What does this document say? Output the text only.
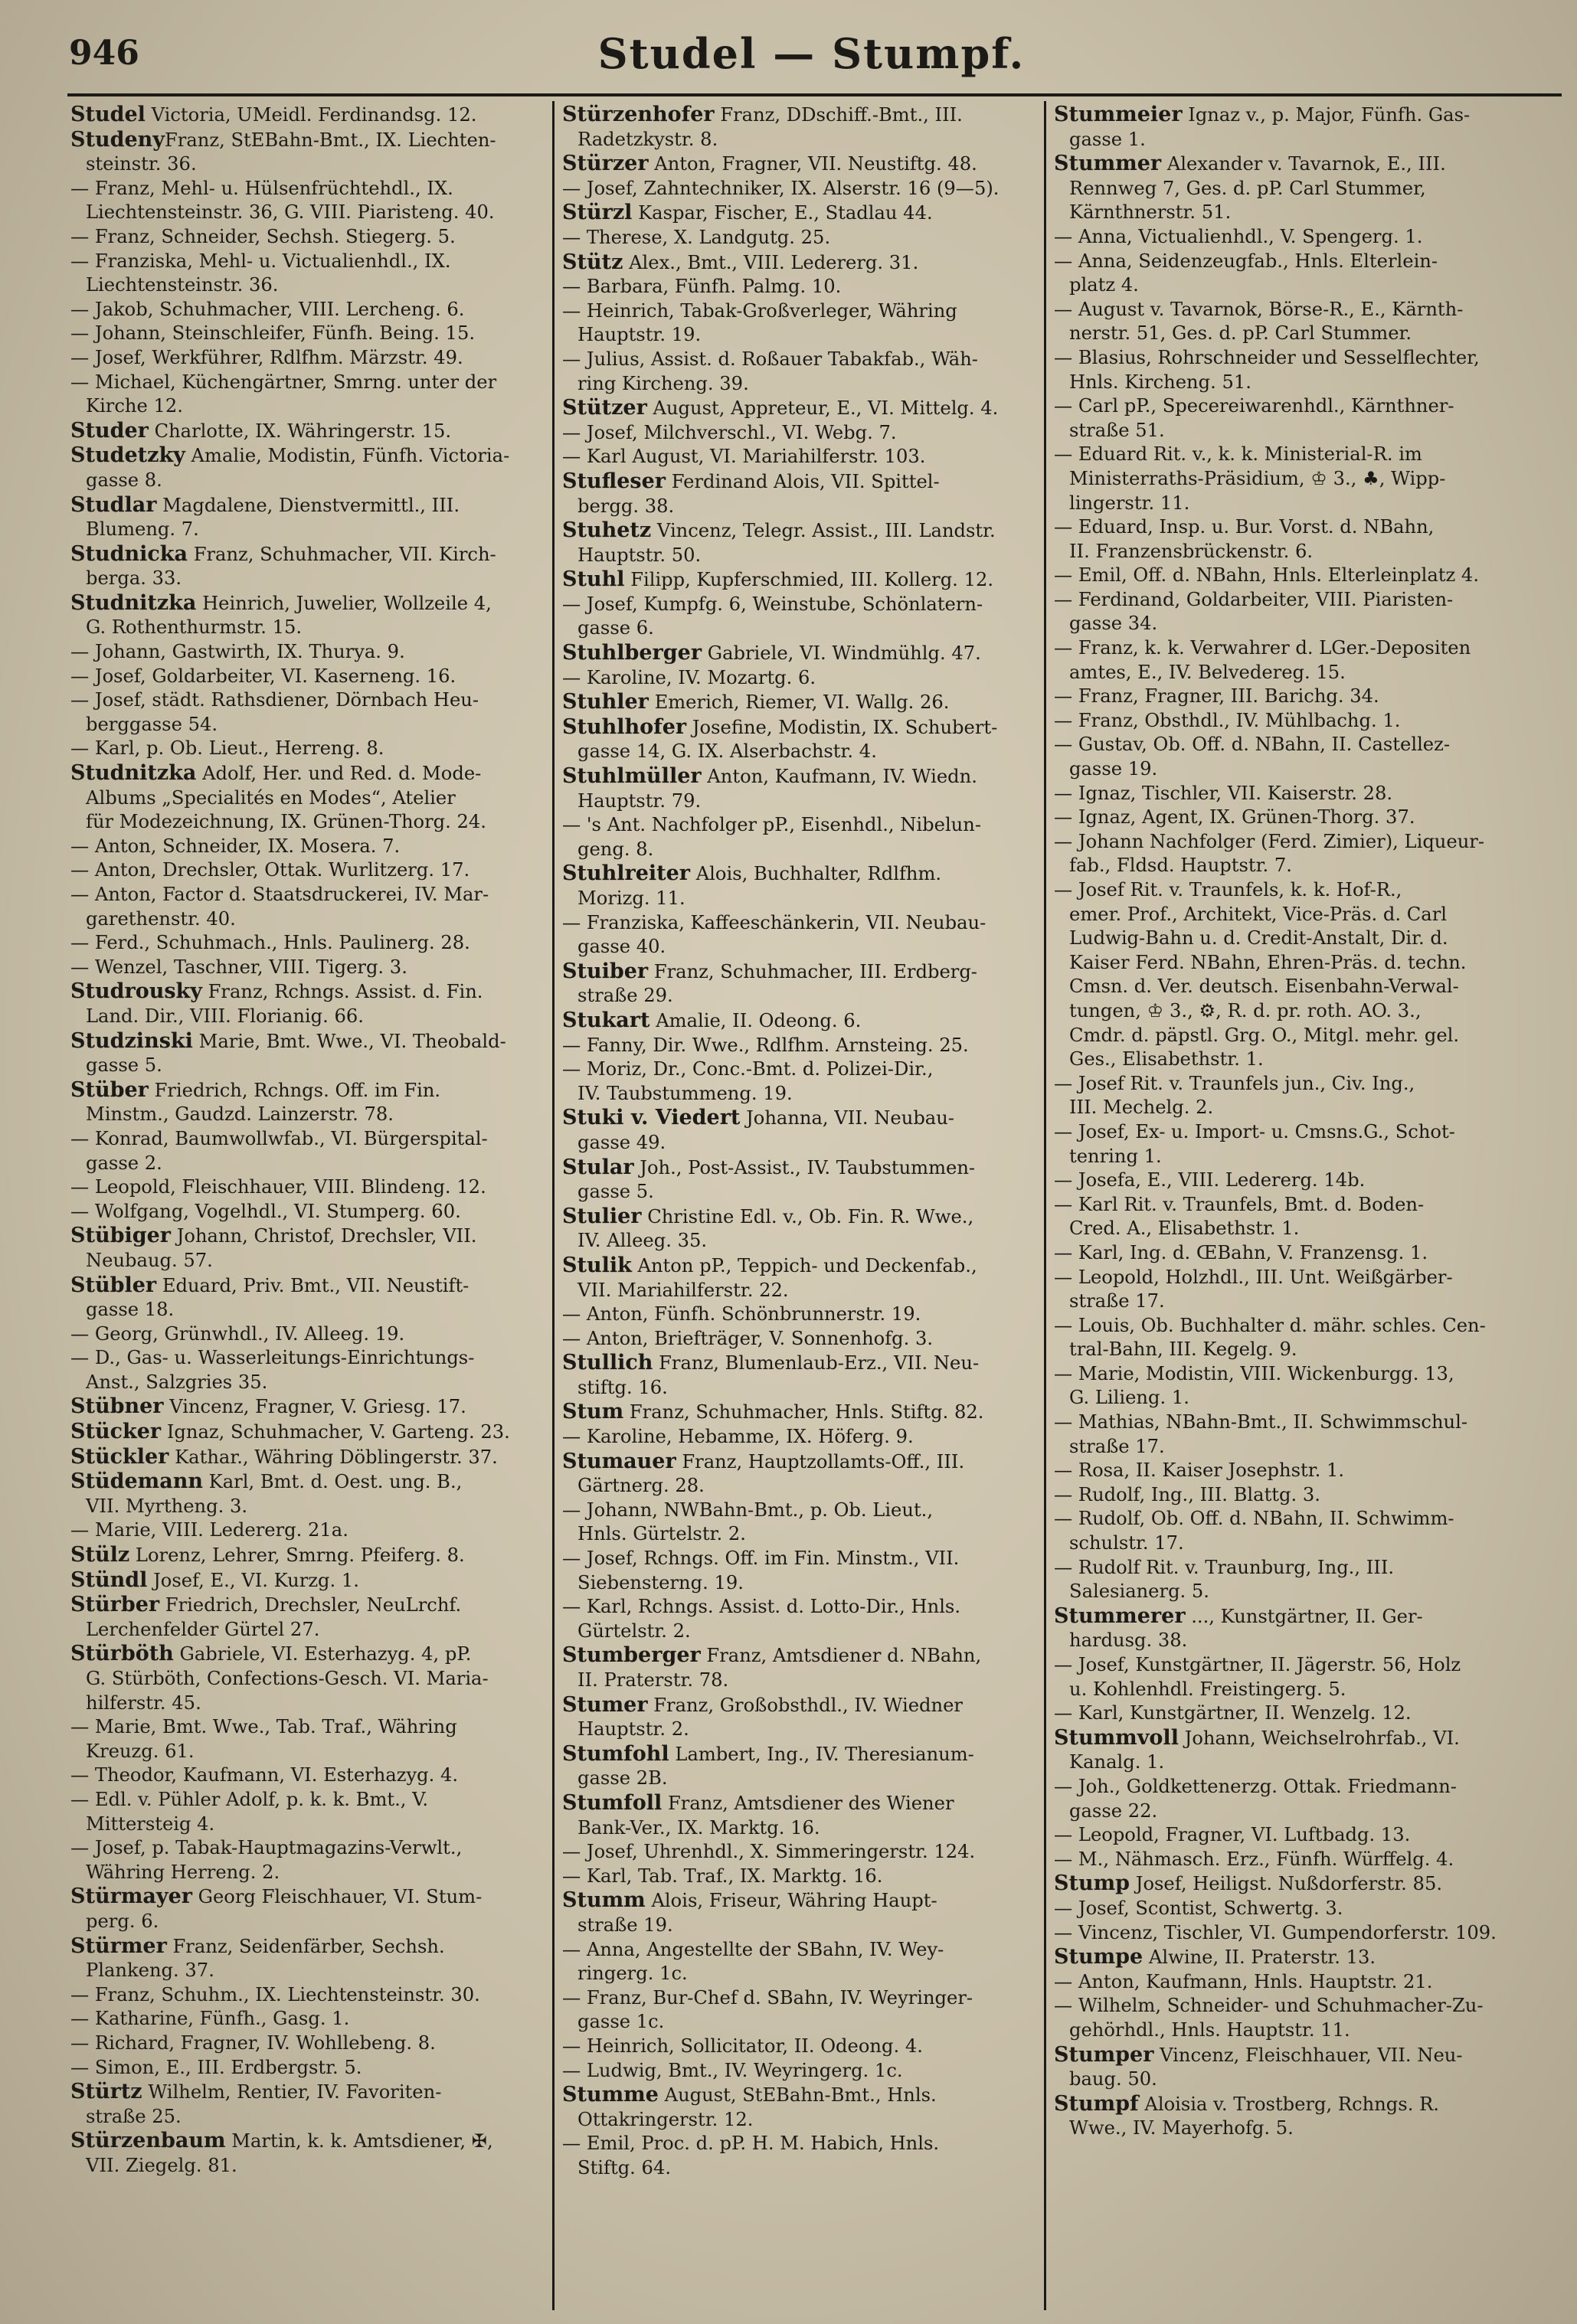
946	Studel — Stumpf.
Studel Victoria, UMeidl. Ferdinandsg. 12.
StudenyFranz, StEBahn-Bmt., IX. Liechten-
steinstr. 36.
— Franz, Mehl- u. Hülsenfrüchtehdl., IX.
Liechtensteinstr. 36, G. VIII. Piaristeng. 40.
— Franz, Schneider, Sechsh. Stiegerg. 5.
— Franziska, Mehl- u. Victualienhdl., IX.
Liechtensteinstr. 36.
— Jakob, Schuhmacher, VIII. Lercheng. 6.
— Johann, Steinschleifer, Fünfh. Being. 15.
— Josef, Werkführer, Rdlfhm. Märzstr. 49.
— Michael, Küchengärtner, Smrng. unter der
Kirche 12.
Studer Charlotte, IX. Währingerstr. 15.
Studetzky Amalie, Modistin, Fünfh. Victoria-
gasse 8.
Studlar Magdalene, Dienstvermittl., III.
Blumeng. 7.
Studnicka Franz, Schuhmacher, VII. Kirch-
berga. 33.
Studnitzka Heinrich, Juwelier, Wollzeile 4,
G. Rothenthurmstr. 15.
— Johann, Gastwirth, IX. Thurya. 9.
— Josef, Goldarbeiter, VI. Kaserneng. 16.
— Josef, städt. Rathsdiener, Dörnbach Heu-
berggasse 54.
— Karl, p. Ob. Lieut., Herreng. 8.
Studnitzka Adolf, Her. und Red. d. Mode-
Albums „Specialités en Modes“, Atelier
für Modezeichnung, IX. Grünen-Thorg. 24.
— Anton, Schneider, IX. Mosera. 7.
— Anton, Drechsler, Ottak. Wurlitzerg. 17.
— Anton, Factor d. Staatsdruckerei, IV. Mar-
garethenstr. 40.
— Ferd., Schuhmach., Hnls. Paulinerg. 28.
— Wenzel, Taschner, VIII. Tigerg. 3.
Studrousky Franz, Rchngs. Assist. d. Fin.
Land. Dir., VIII. Florianig. 66.
Studzinski Marie, Bmt. Wwe., VI. Theobald-
gasse 5.
Stüber Friedrich, Rchngs. Off. im Fin.
Minstm., Gaudzd. Lainzerstr. 78.
— Konrad, Baumwollwfab., VI. Bürgerspital-
gasse 2.
— Leopold, Fleischhauer, VIII. Blindeng. 12.
— Wolfgang, Vogelhdl., VI. Stumperg. 60.
Stübiger Johann, Christof, Drechsler, VII.
Neubaug. 57.
Stübler Eduard, Priv. Bmt., VII. Neustift-
gasse 18.
— Georg, Grünwhdl., IV. Alleeg. 19.
— D., Gas- u. Wasserleitungs-Einrichtungs-
Anst., Salzgries 35.
Stübner Vincenz, Fragner, V. Griesg. 17.
Stücker Ignaz, Schuhmacher, V. Garteng. 23.
Stückler Kathar., Währing Döblingerstr. 37.
Stüdemann Karl, Bmt. d. Oest. ung. B.,
VII. Myrtheng. 3.
— Marie, VIII. Ledererg. 21a.
Stülz Lorenz, Lehrer, Smrng. Pfeiferg. 8.
Stündl Josef, E., VI. Kurzg. 1.
Stürber Friedrich, Drechsler, NeuLrchf.
Lerchenfelder Gürtel 27.
Stürböth Gabriele, VI. Esterhazyg. 4, pP.
G. Stürböth, Confections-Gesch. VI. Maria-
hilferstr. 45.
— Marie, Bmt. Wwe., Tab. Traf., Währing
Kreuzg. 61.
— Theodor, Kaufmann, VI. Esterhazyg. 4.
— Edl. v. Pühler Adolf, p. k. k. Bmt., V.
Mittersteig 4.
— Josef, p. Tabak-Hauptmagazins-Verwlt.,
Währing Herreng. 2.
Stürmayer Georg Fleischhauer, VI. Stum-
perg. 6.
Stürmer Franz, Seidenfärber, Sechsh.
Plankeng. 37.
— Franz, Schuhm., IX. Liechtensteinstr. 30.
— Katharine, Fünfh., Gasg. 1.
— Richard, Fragner, IV. Wohllebeng. 8.
— Simon, E., III. Erdbergstr. 5.
Stürtz Wilhelm, Rentier, IV. Favoriten-
straße 25.
Stürzenbaum Martin, k. k. Amtsdiener, ✠,
VII. Ziegelg. 81.
Stürzenhofer Franz, DDschiff.-Bmt., III.
Radetzkystr. 8.
Stürzer Anton, Fragner, VII. Neustiftg. 48.
— Josef, Zahntechniker, IX. Alserstr. 16 (9—5).
Stürzl Kaspar, Fischer, E., Stadlau 44.
— Therese, X. Landgutg. 25.
Stütz Alex., Bmt., VIII. Ledererg. 31.
— Barbara, Fünfh. Palmg. 10.
— Heinrich, Tabak-Großverleger, Währing
Hauptstr. 19.
— Julius, Assist. d. Roßauer Tabakfab., Wäh-
ring Kircheng. 39.
Stützer August, Appreteur, E., VI. Mittelg. 4.
— Josef, Milchverschl., VI. Webg. 7.
— Karl August, VI. Mariahilferstr. 103.
Stufleser Ferdinand Alois, VII. Spittel-
bergg. 38.
Stuhetz Vincenz, Telegr. Assist., III. Landstr.
Hauptstr. 50.
Stuhl Filipp, Kupferschmied, III. Kollerg. 12.
— Josef, Kumpfg. 6, Weinstube, Schönlatern-
gasse 6.
Stuhlberger Gabriele, VI. Windmühlg. 47.
— Karoline, IV. Mozartg. 6.
Stuhler Emerich, Riemer, VI. Wallg. 26.
Stuhlhofer Josefine, Modistin, IX. Schubert-
gasse 14, G. IX. Alserbachstr. 4.
Stuhlmüller Anton, Kaufmann, IV. Wiedn.
Hauptstr. 79.
— 's Ant. Nachfolger pP., Eisenhdl., Nibelun-
geng. 8.
Stuhlreiter Alois, Buchhalter, Rdlfhm.
Morizg. 11.
— Franziska, Kaffeeschänkerin, VII. Neubau-
gasse 40.
Stuiber Franz, Schuhmacher, III. Erdberg-
straße 29.
Stukart Amalie, II. Odeong. 6.
— Fanny, Dir. Wwe., Rdlfhm. Arnsteing. 25.
— Moriz, Dr., Conc.-Bmt. d. Polizei-Dir.,
IV. Taubstummeng. 19.
Stuki v. Viedert Johanna, VII. Neubau-
gasse 49.
Stular Joh., Post-Assist., IV. Taubstummen-
gasse 5.
Stulier Christine Edl. v., Ob. Fin. R. Wwe.,
IV. Alleeg. 35.
Stulik Anton pP., Teppich- und Deckenfab.,
VII. Mariahilferstr. 22.
— Anton, Fünfh. Schönbrunnerstr. 19.
— Anton, Briefträger, V. Sonnenhofg. 3.
Stullich Franz, Blumenlaub-Erz., VII. Neu-
stiftg. 16.
Stum Franz, Schuhmacher, Hnls. Stiftg. 82.
— Karoline, Hebamme, IX. Höferg. 9.
Stumauer Franz, Hauptzollamts-Off., III.
Gärtnerg. 28.
— Johann, NWBahn-Bmt., p. Ob. Lieut.,
Hnls. Gürtelstr. 2.
— Josef, Rchngs. Off. im Fin. Minstm., VII.
Siebensterng. 19.
— Karl, Rchngs. Assist. d. Lotto-Dir., Hnls.
Gürtelstr. 2.
Stumberger Franz, Amtsdiener d. NBahn,
II. Praterstr. 78.
Stumer Franz, Großobsthdl., IV. Wiedner
Hauptstr. 2.
Stumfohl Lambert, Ing., IV. Theresianum-
gasse 2B.
Stumfoll Franz, Amtsdiener des Wiener
Bank-Ver., IX. Marktg. 16.
— Josef, Uhrenhdl., X. Simmeringerstr. 124.
— Karl, Tab. Traf., IX. Marktg. 16.
Stumm Alois, Friseur, Währing Haupt-
straße 19.
— Anna, Angestellte der SBahn, IV. Wey-
ringerg. 1c.
— Franz, Bur-Chef d. SBahn, IV. Weyringer-
gasse 1c.
— Heinrich, Sollicitator, II. Odeong. 4.
— Ludwig, Bmt., IV. Weyringerg. 1c.
Stumme August, StEBahn-Bmt., Hnls.
Ottakringerstr. 12.
— Emil, Proc. d. pP. H. M. Habich, Hnls.
Stiftg. 64.
Stummeier Ignaz v., p. Major, Fünfh. Gas-
gasse 1.
Stummer Alexander v. Tavarnok, E., III.
Rennweg 7, Ges. d. pP. Carl Stummer,
Kärnthnerstr. 51.
— Anna, Victualienhdl., V. Spengerg. 1.
— Anna, Seidenzeugfab., Hnls. Elterlein-
platz 4.
— August v. Tavarnok, Börse-R., E., Kärnth-
nerstr. 51, Ges. d. pP. Carl Stummer.
— Blasius, Rohrschneider und Sesselflechter,
Hnls. Kircheng. 51.
— Carl pP., Specereiwarenhdl., Kärnthner-
straße 51.
— Eduard Rit. v., k. k. Ministerial-R. im
Ministerraths-Präsidium, ♔ 3., ♣, Wipp-
lingerstr. 11.
— Eduard, Insp. u. Bur. Vorst. d. NBahn,
II. Franzensbrückenstr. 6.
— Emil, Off. d. NBahn, Hnls. Elterleinplatz 4.
— Ferdinand, Goldarbeiter, VIII. Piaristen-
gasse 34.
— Franz, k. k. Verwahrer d. LGer.-Depositen
amtes, E., IV. Belvedereg. 15.
— Franz, Fragner, III. Barichg. 34.
— Franz, Obsthdl., IV. Mühlbachg. 1.
— Gustav, Ob. Off. d. NBahn, II. Castellez-
gasse 19.
— Ignaz, Tischler, VII. Kaiserstr. 28.
— Ignaz, Agent, IX. Grünen-Thorg. 37.
— Johann Nachfolger (Ferd. Zimier), Liqueur-
fab., Fldsd. Hauptstr. 7.
— Josef Rit. v. Traunfels, k. k. Hof-R.,
emer. Prof., Architekt, Vice-Präs. d. Carl
Ludwig-Bahn u. d. Credit-Anstalt, Dir. d.
Kaiser Ferd. NBahn, Ehren-Präs. d. techn.
Cmsn. d. Ver. deutsch. Eisenbahn-Verwal-
tungen, ♔ 3., ⚙, R. d. pr. roth. AO. 3.,
Cmdr. d. päpstl. Grg. O., Mitgl. mehr. gel.
Ges., Elisabethstr. 1.
— Josef Rit. v. Traunfels jun., Civ. Ing.,
III. Mechelg. 2.
— Josef, Ex- u. Import- u. Cmsns.G., Schot-
tenring 1.
— Josefa, E., VIII. Ledererg. 14b.
— Karl Rit. v. Traunfels, Bmt. d. Boden-
Cred. A., Elisabethstr. 1.
— Karl, Ing. d. ŒBahn, V. Franzensg. 1.
— Leopold, Holzhdl., III. Unt. Weißgärber-
straße 17.
— Louis, Ob. Buchhalter d. mähr. schles. Cen-
tral-Bahn, III. Kegelg. 9.
— Marie, Modistin, VIII. Wickenburgg. 13,
G. Lilieng. 1.
— Mathias, NBahn-Bmt., II. Schwimmschul-
straße 17.
— Rosa, II. Kaiser Josephstr. 1.
— Rudolf, Ing., III. Blattg. 3.
— Rudolf, Ob. Off. d. NBahn, II. Schwimm-
schulstr. 17.
— Rudolf Rit. v. Traunburg, Ing., III.
Salesianerg. 5.
Stummerer ..., Kunstgärtner, II. Ger-
hardusg. 38.
— Josef, Kunstgärtner, II. Jägerstr. 56, Holz
u. Kohlenhdl. Freistingerg. 5.
— Karl, Kunstgärtner, II. Wenzelg. 12.
Stummvoll Johann, Weichselrohrfab., VI.
Kanalg. 1.
— Joh., Goldkettenerzg. Ottak. Friedmann-
gasse 22.
— Leopold, Fragner, VI. Luftbadg. 13.
— M., Nähmasch. Erz., Fünfh. Würffelg. 4.
Stump Josef, Heiligst. Nußdorferstr. 85.
— Josef, Scontist, Schwertg. 3.
— Vincenz, Tischler, VI. Gumpendorferstr. 109.
Stumpe Alwine, II. Praterstr. 13.
— Anton, Kaufmann, Hnls. Hauptstr. 21.
— Wilhelm, Schneider- und Schuhmacher-Zu-
gehörhdl., Hnls. Hauptstr. 11.
Stumper Vincenz, Fleischhauer, VII. Neu-
baug. 50.
Stumpf Aloisia v. Trostberg, Rchngs. R.
Wwe., IV. Mayerhofg. 5.
